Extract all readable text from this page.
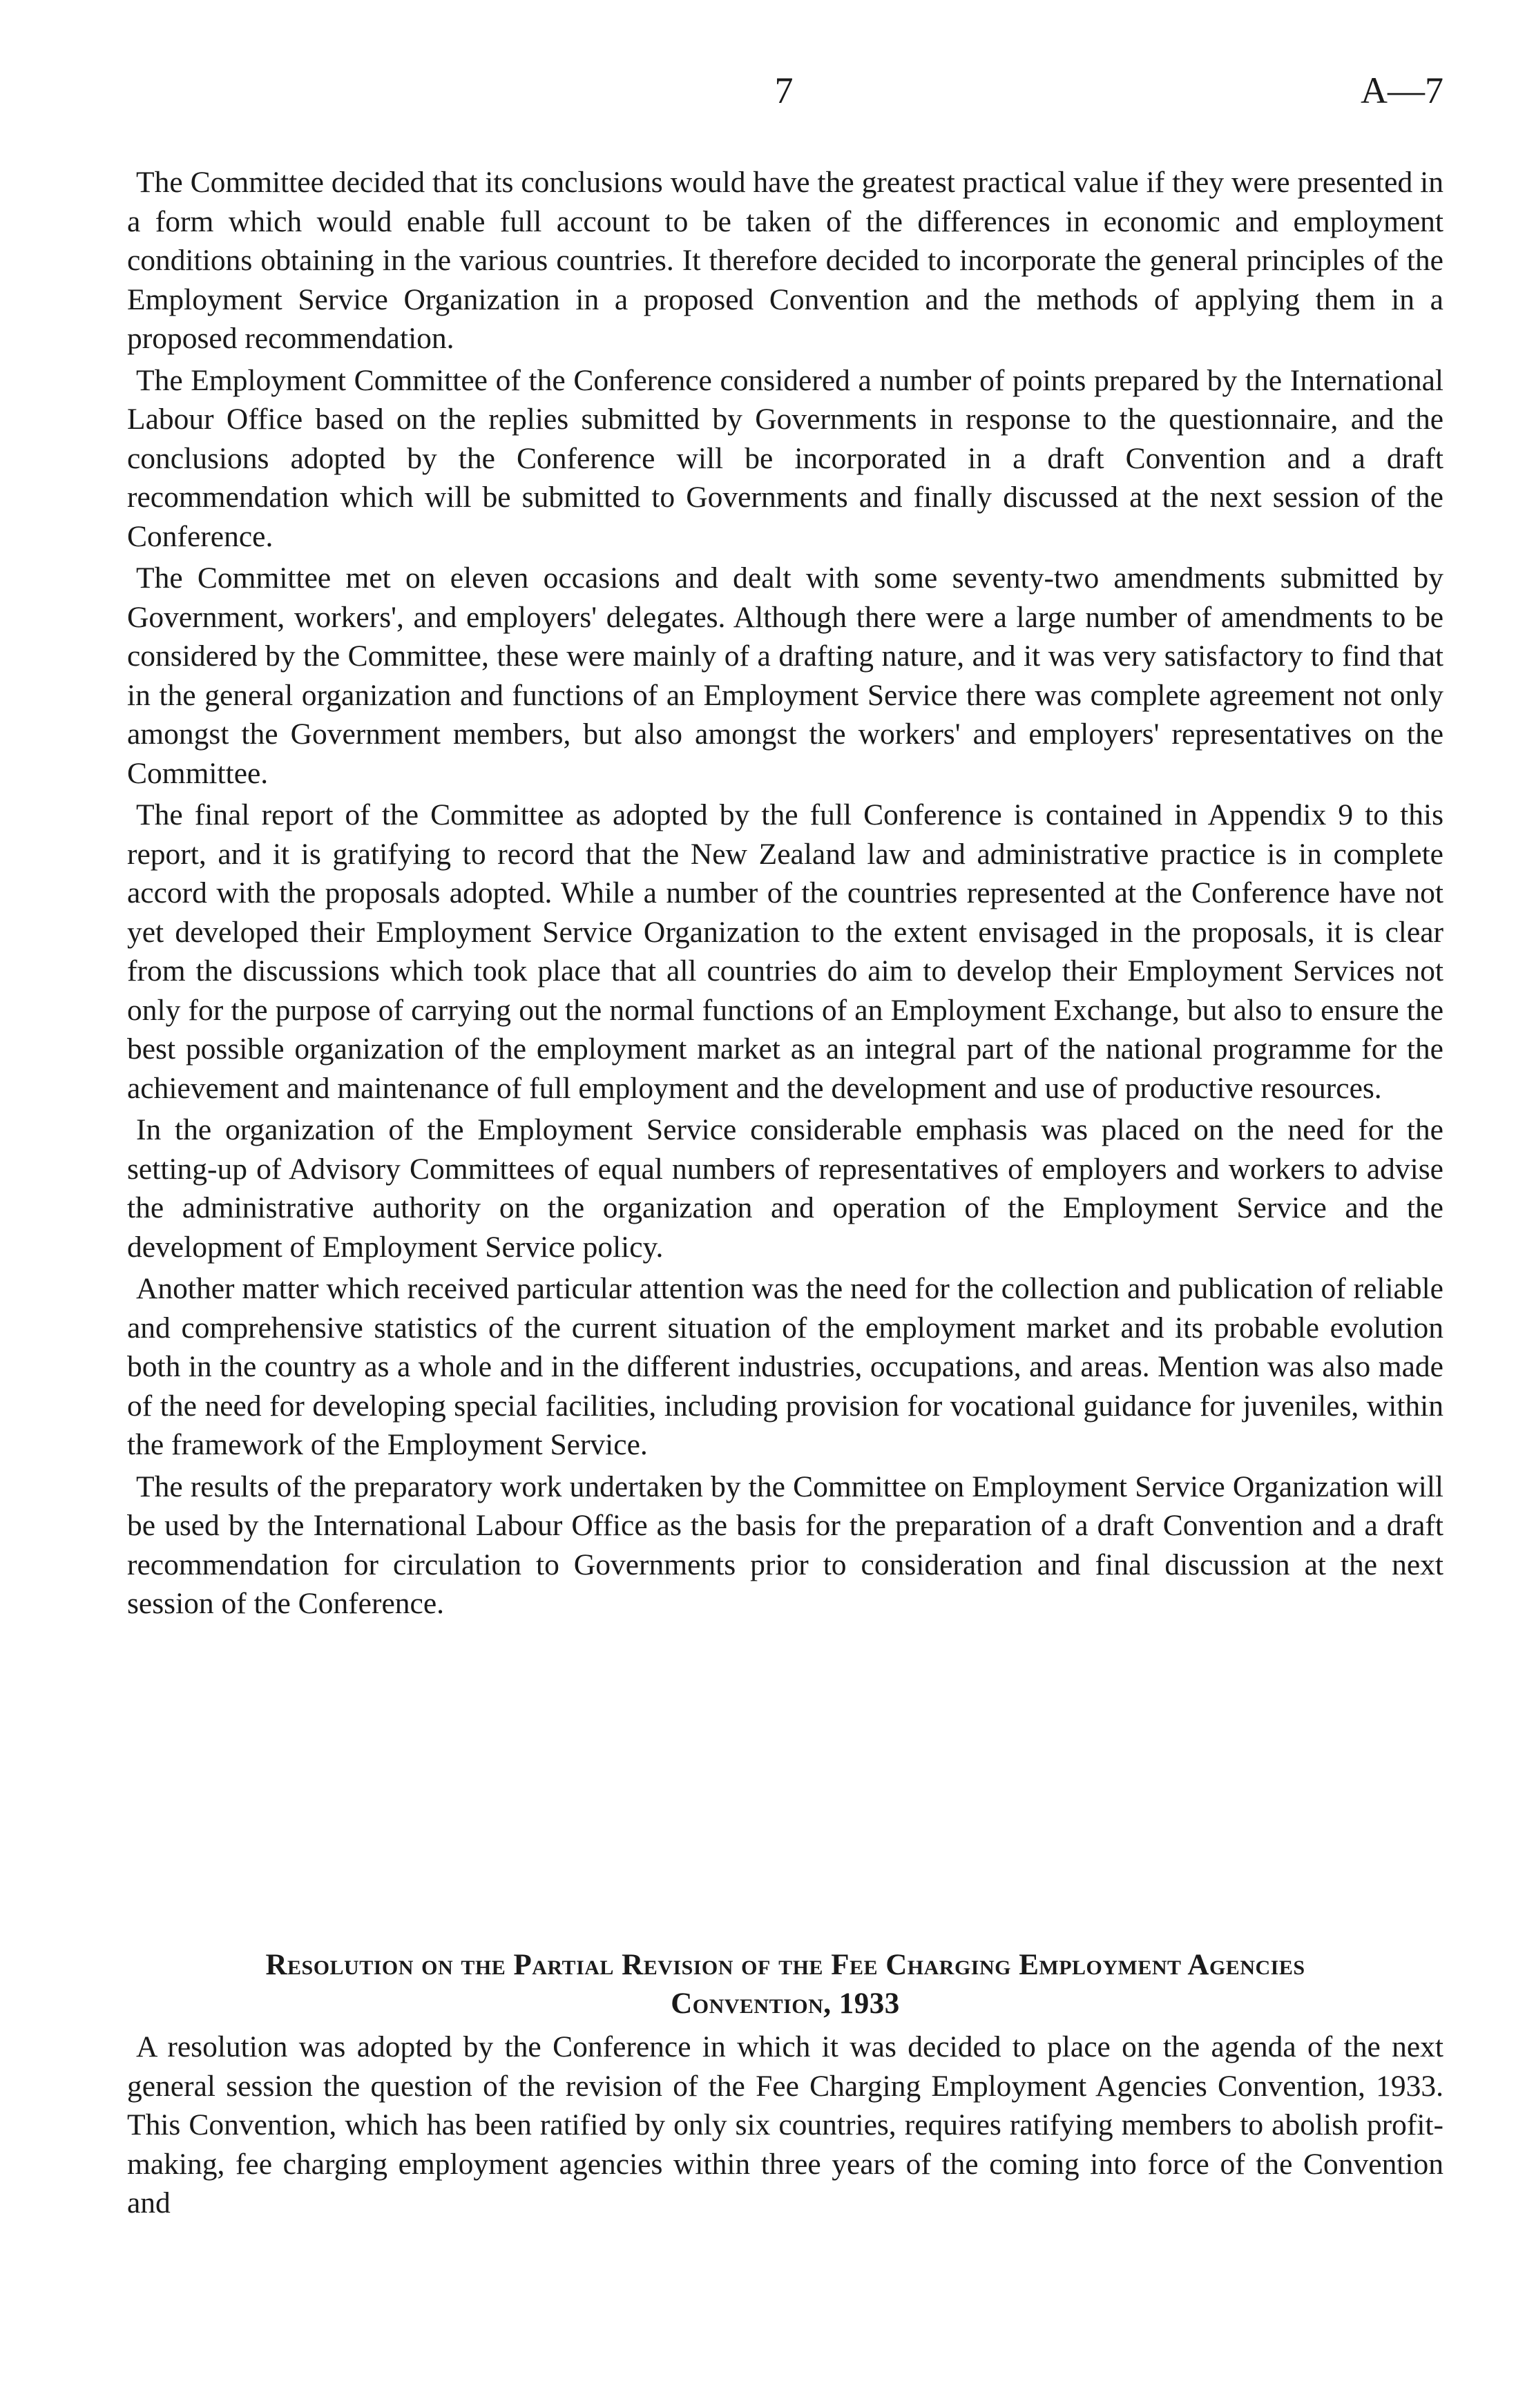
7	A—7

The Committee decided that its conclusions would have the greatest practical value if they were presented in a form which would enable full account to be taken of the differences in economic and employment conditions obtaining in the various countries. It therefore decided to incorporate the general principles of the Employment Service Organization in a proposed Convention and the methods of applying them in a proposed recommendation.

The Employment Committee of the Conference considered a number of points prepared by the International Labour Office based on the replies submitted by Governments in response to the questionnaire, and the conclusions adopted by the Conference will be incorporated in a draft Convention and a draft recommendation which will be submitted to Governments and finally discussed at the next session of the Conference.

The Committee met on eleven occasions and dealt with some seventy-two amendments submitted by Government, workers', and employers' delegates. Although there were a large number of amendments to be considered by the Committee, these were mainly of a drafting nature, and it was very satisfactory to find that in the general organization and functions of an Employment Service there was complete agreement not only amongst the Government members, but also amongst the workers' and employers' representatives on the Committee.

The final report of the Committee as adopted by the full Conference is contained in Appendix 9 to this report, and it is gratifying to record that the New Zealand law and administrative practice is in complete accord with the proposals adopted. While a number of the countries represented at the Conference have not yet developed their Employment Service Organization to the extent envisaged in the proposals, it is clear from the discussions which took place that all countries do aim to develop their Employment Services not only for the purpose of carrying out the normal functions of an Employment Exchange, but also to ensure the best possible organization of the employment market as an integral part of the national programme for the achievement and maintenance of full employment and the development and use of productive resources.

In the organization of the Employment Service considerable emphasis was placed on the need for the setting-up of Advisory Committees of equal numbers of representatives of employers and workers to advise the administrative authority on the organization and operation of the Employment Service and the development of Employment Service policy.

Another matter which received particular attention was the need for the collection and publication of reliable and comprehensive statistics of the current situation of the employment market and its probable evolution both in the country as a whole and in the different industries, occupations, and areas. Mention was also made of the need for developing special facilities, including provision for vocational guidance for juveniles, within the framework of the Employment Service.

The results of the preparatory work undertaken by the Committee on Employment Service Organization will be used by the International Labour Office as the basis for the preparation of a draft Convention and a draft recommendation for circulation to Governments prior to consideration and final discussion at the next session of the Conference.

Resolution on the Partial Revision of the Fee Charging Employment Agencies
Convention, 1933

A resolution was adopted by the Conference in which it was decided to place on the agenda of the next general session the question of the revision of the Fee Charging Employment Agencies Convention, 1933. This Convention, which has been ratified by only six countries, requires ratifying members to abolish profit-making, fee charging employment agencies within three years of the coming into force of the Convention and
